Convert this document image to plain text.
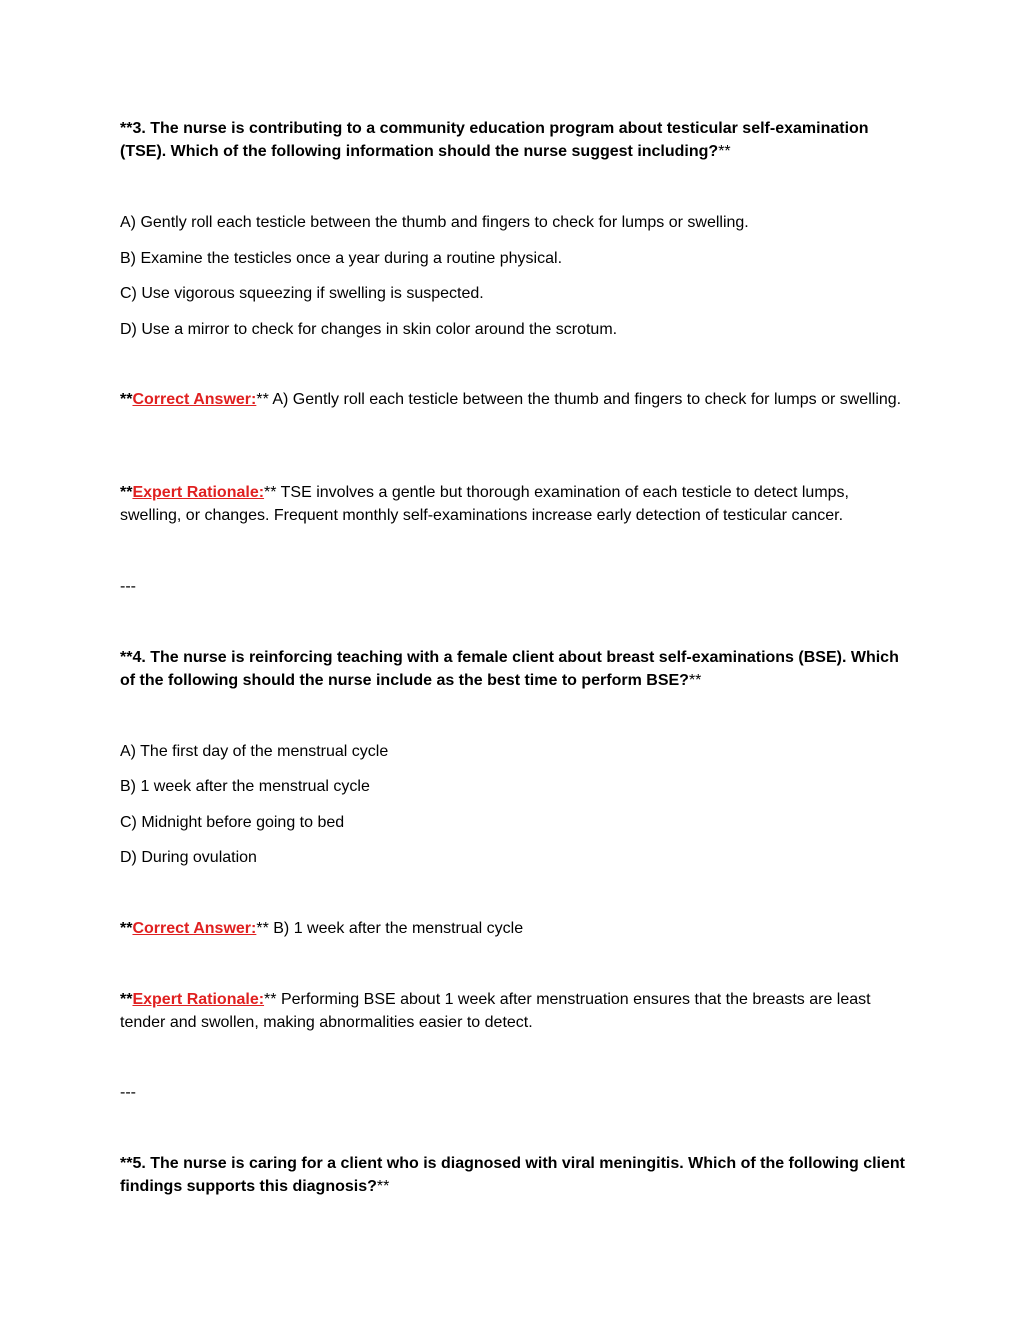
**3. The nurse is contributing to a community education program about testicular self-examination (TSE). Which of the following information should the nurse suggest including?**

A) Gently roll each testicle between the thumb and fingers to check for lumps or swelling.

B) Examine the testicles once a year during a routine physical.

C) Use vigorous squeezing if swelling is suspected.

D) Use a mirror to check for changes in skin color around the scrotum.

**Correct Answer:** A) Gently roll each testicle between the thumb and fingers to check for lumps or swelling.

**Expert Rationale:** TSE involves a gentle but thorough examination of each testicle to detect lumps, swelling, or changes. Frequent monthly self-examinations increase early detection of testicular cancer.

---

**4. The nurse is reinforcing teaching with a female client about breast self-examinations (BSE). Which of the following should the nurse include as the best time to perform BSE?**

A) The first day of the menstrual cycle

B) 1 week after the menstrual cycle

C) Midnight before going to bed

D) During ovulation

**Correct Answer:** B) 1 week after the menstrual cycle

**Expert Rationale:** Performing BSE about 1 week after menstruation ensures that the breasts are least tender and swollen, making abnormalities easier to detect.

---

**5. The nurse is caring for a client who is diagnosed with viral meningitis. Which of the following client findings supports this diagnosis?**
